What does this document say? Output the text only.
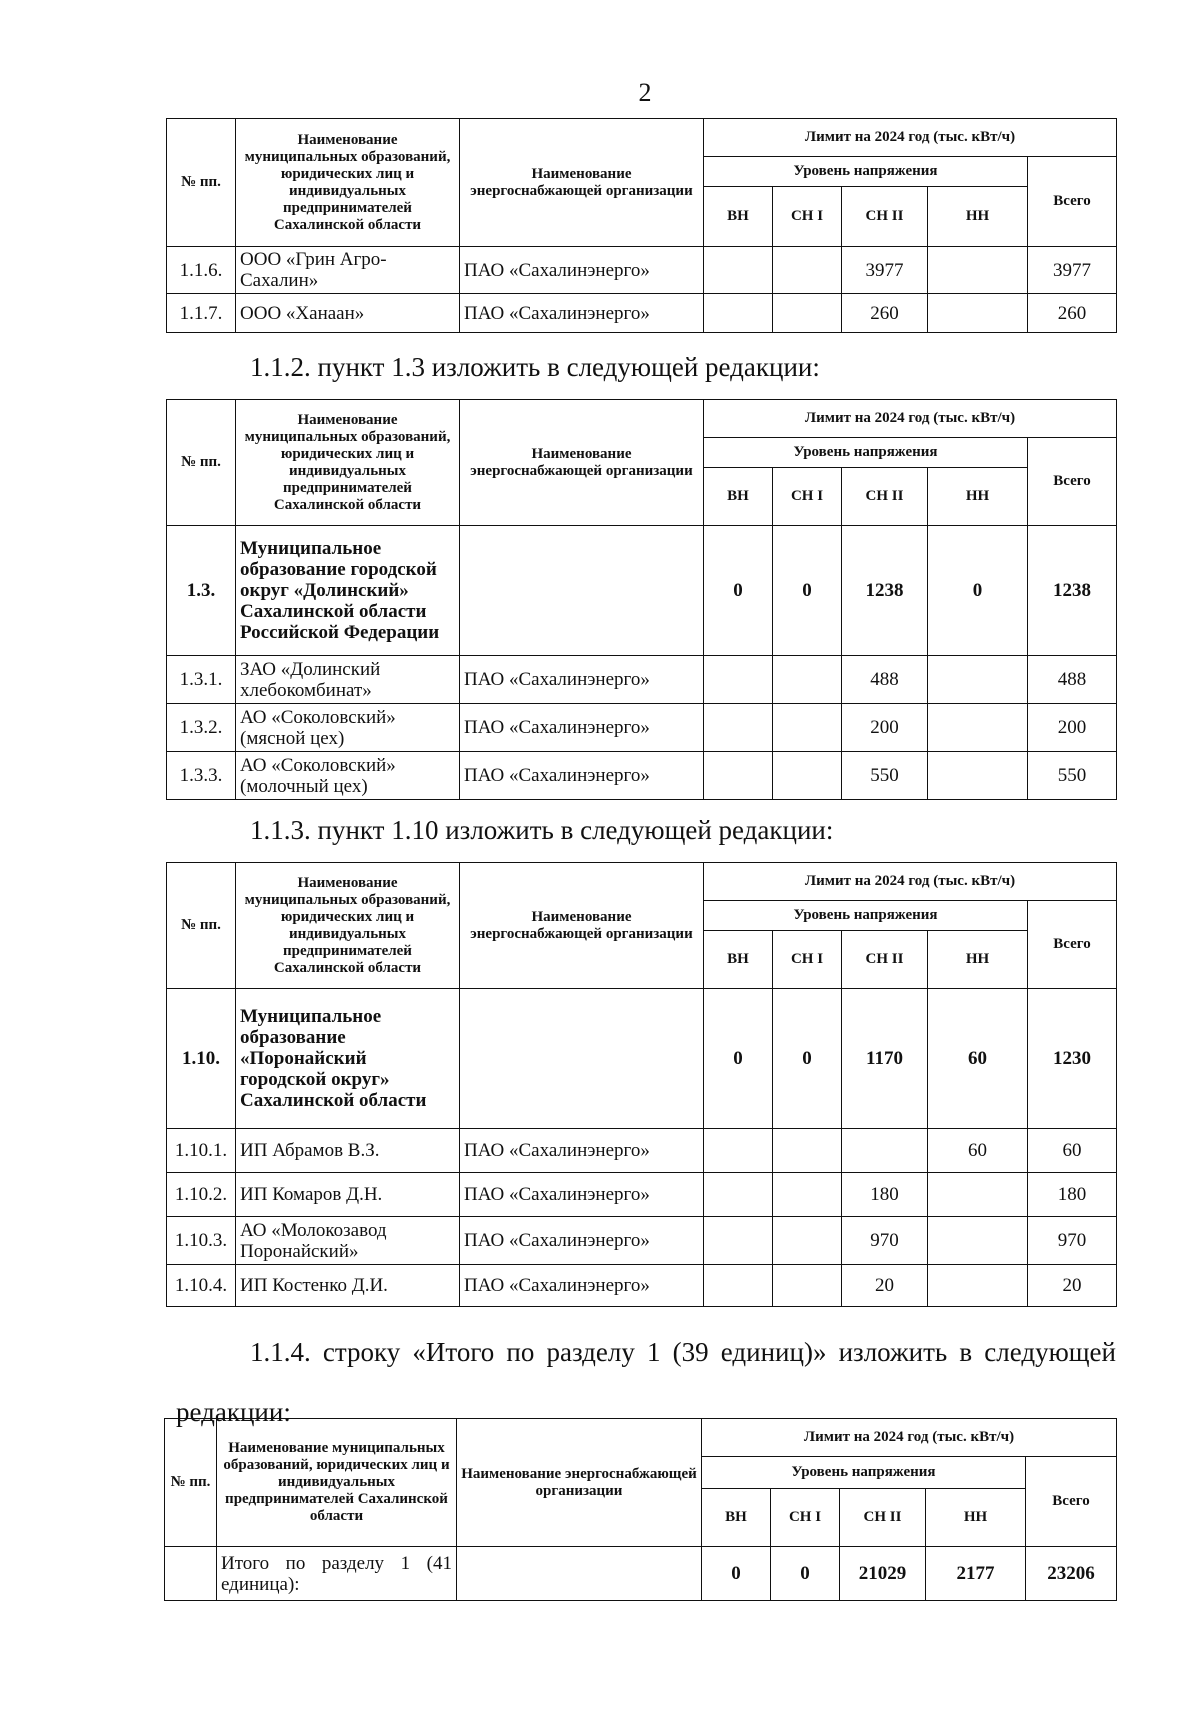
2
№ пп.	Наименование муниципальных образований, юридических лиц и индивидуальных предпринимателей Сахалинской области	Наименование энергоснабжающей организации	Лимит на 2024 год (тыс. кВт/ч)				
			Уровень напряжения				Всего
			ВН	СН I	СН II	НН	
1.1.6.	ООО «Грин Агро-Сахалин»	ПАО «Сахалинэнерго»			3977		3977
1.1.7.	ООО «Ханаан»	ПАО «Сахалинэнерго»			260		260
1.1.2. пункт 1.3 изложить в следующей редакции:
№ пп.	Наименование муниципальных образований, юридических лиц и индивидуальных предпринимателей Сахалинской области	Наименование энергоснабжающей организации	Лимит на 2024 год (тыс. кВт/ч)				
			Уровень напряжения				Всего
			ВН	СН I	СН II	НН	
1.3.	Муниципальное образование городской округ «Долинский» Сахалинской области Российской Федерации		0	0	1238	0	1238
1.3.1.	ЗАО «Долинский хлебокомбинат»	ПАО «Сахалинэнерго»			488		488
1.3.2.	АО «Соколовский» (мясной цех)	ПАО «Сахалинэнерго»			200		200
1.3.3.	АО «Соколовский» (молочный цех)	ПАО «Сахалинэнерго»			550		550
1.1.3. пункт 1.10 изложить в следующей редакции:
№ пп.	Наименование муниципальных образований, юридических лиц и индивидуальных предпринимателей Сахалинской области	Наименование энергоснабжающей организации	Лимит на 2024 год (тыс. кВт/ч)				
			Уровень напряжения				Всего
			ВН	СН I	СН II	НН	
1.10.	Муниципальное образование «Поронайский городской округ» Сахалинской области		0	0	1170	60	1230
1.10.1.	ИП Абрамов В.З.	ПАО «Сахалинэнерго»				60	60
1.10.2.	ИП Комаров Д.Н.	ПАО «Сахалинэнерго»			180		180
1.10.3.	АО «Молокозавод Поронайский»	ПАО «Сахалинэнерго»			970		970
1.10.4.	ИП Костенко Д.И.	ПАО «Сахалинэнерго»			20		20
1.1.4. строку «Итого по разделу 1 (39 единиц)» изложить в следующей редакции:
№ пп.	Наименование муниципальных образований, юридических лиц и индивидуальных предпринимателей Сахалинской области	Наименование энергоснабжающей организации	Лимит на 2024 год (тыс. кВт/ч)				
			Уровень напряжения				Всего
			ВН	СН I	СН II	НН	
	Итого по разделу 1 (41 единица):		0	0	21029	2177	23206
